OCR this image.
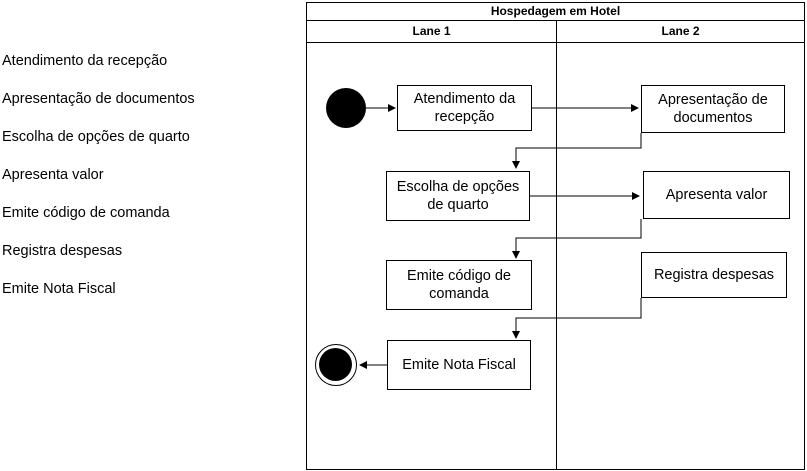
Atendimento da recepção
Apresentação de documentos
Escolha de opções de quarto
Apresenta valor
Emite código de comanda
Registra despesas
Emite Nota Fiscal
Hospedagem em Hotel
Lane 1	Lane 2
Atendimento da recepção
Apresentação de documentos
Escolha de opções de quarto
Apresenta valor
Emite código de comanda
Registra despesas
Emite Nota Fiscal
